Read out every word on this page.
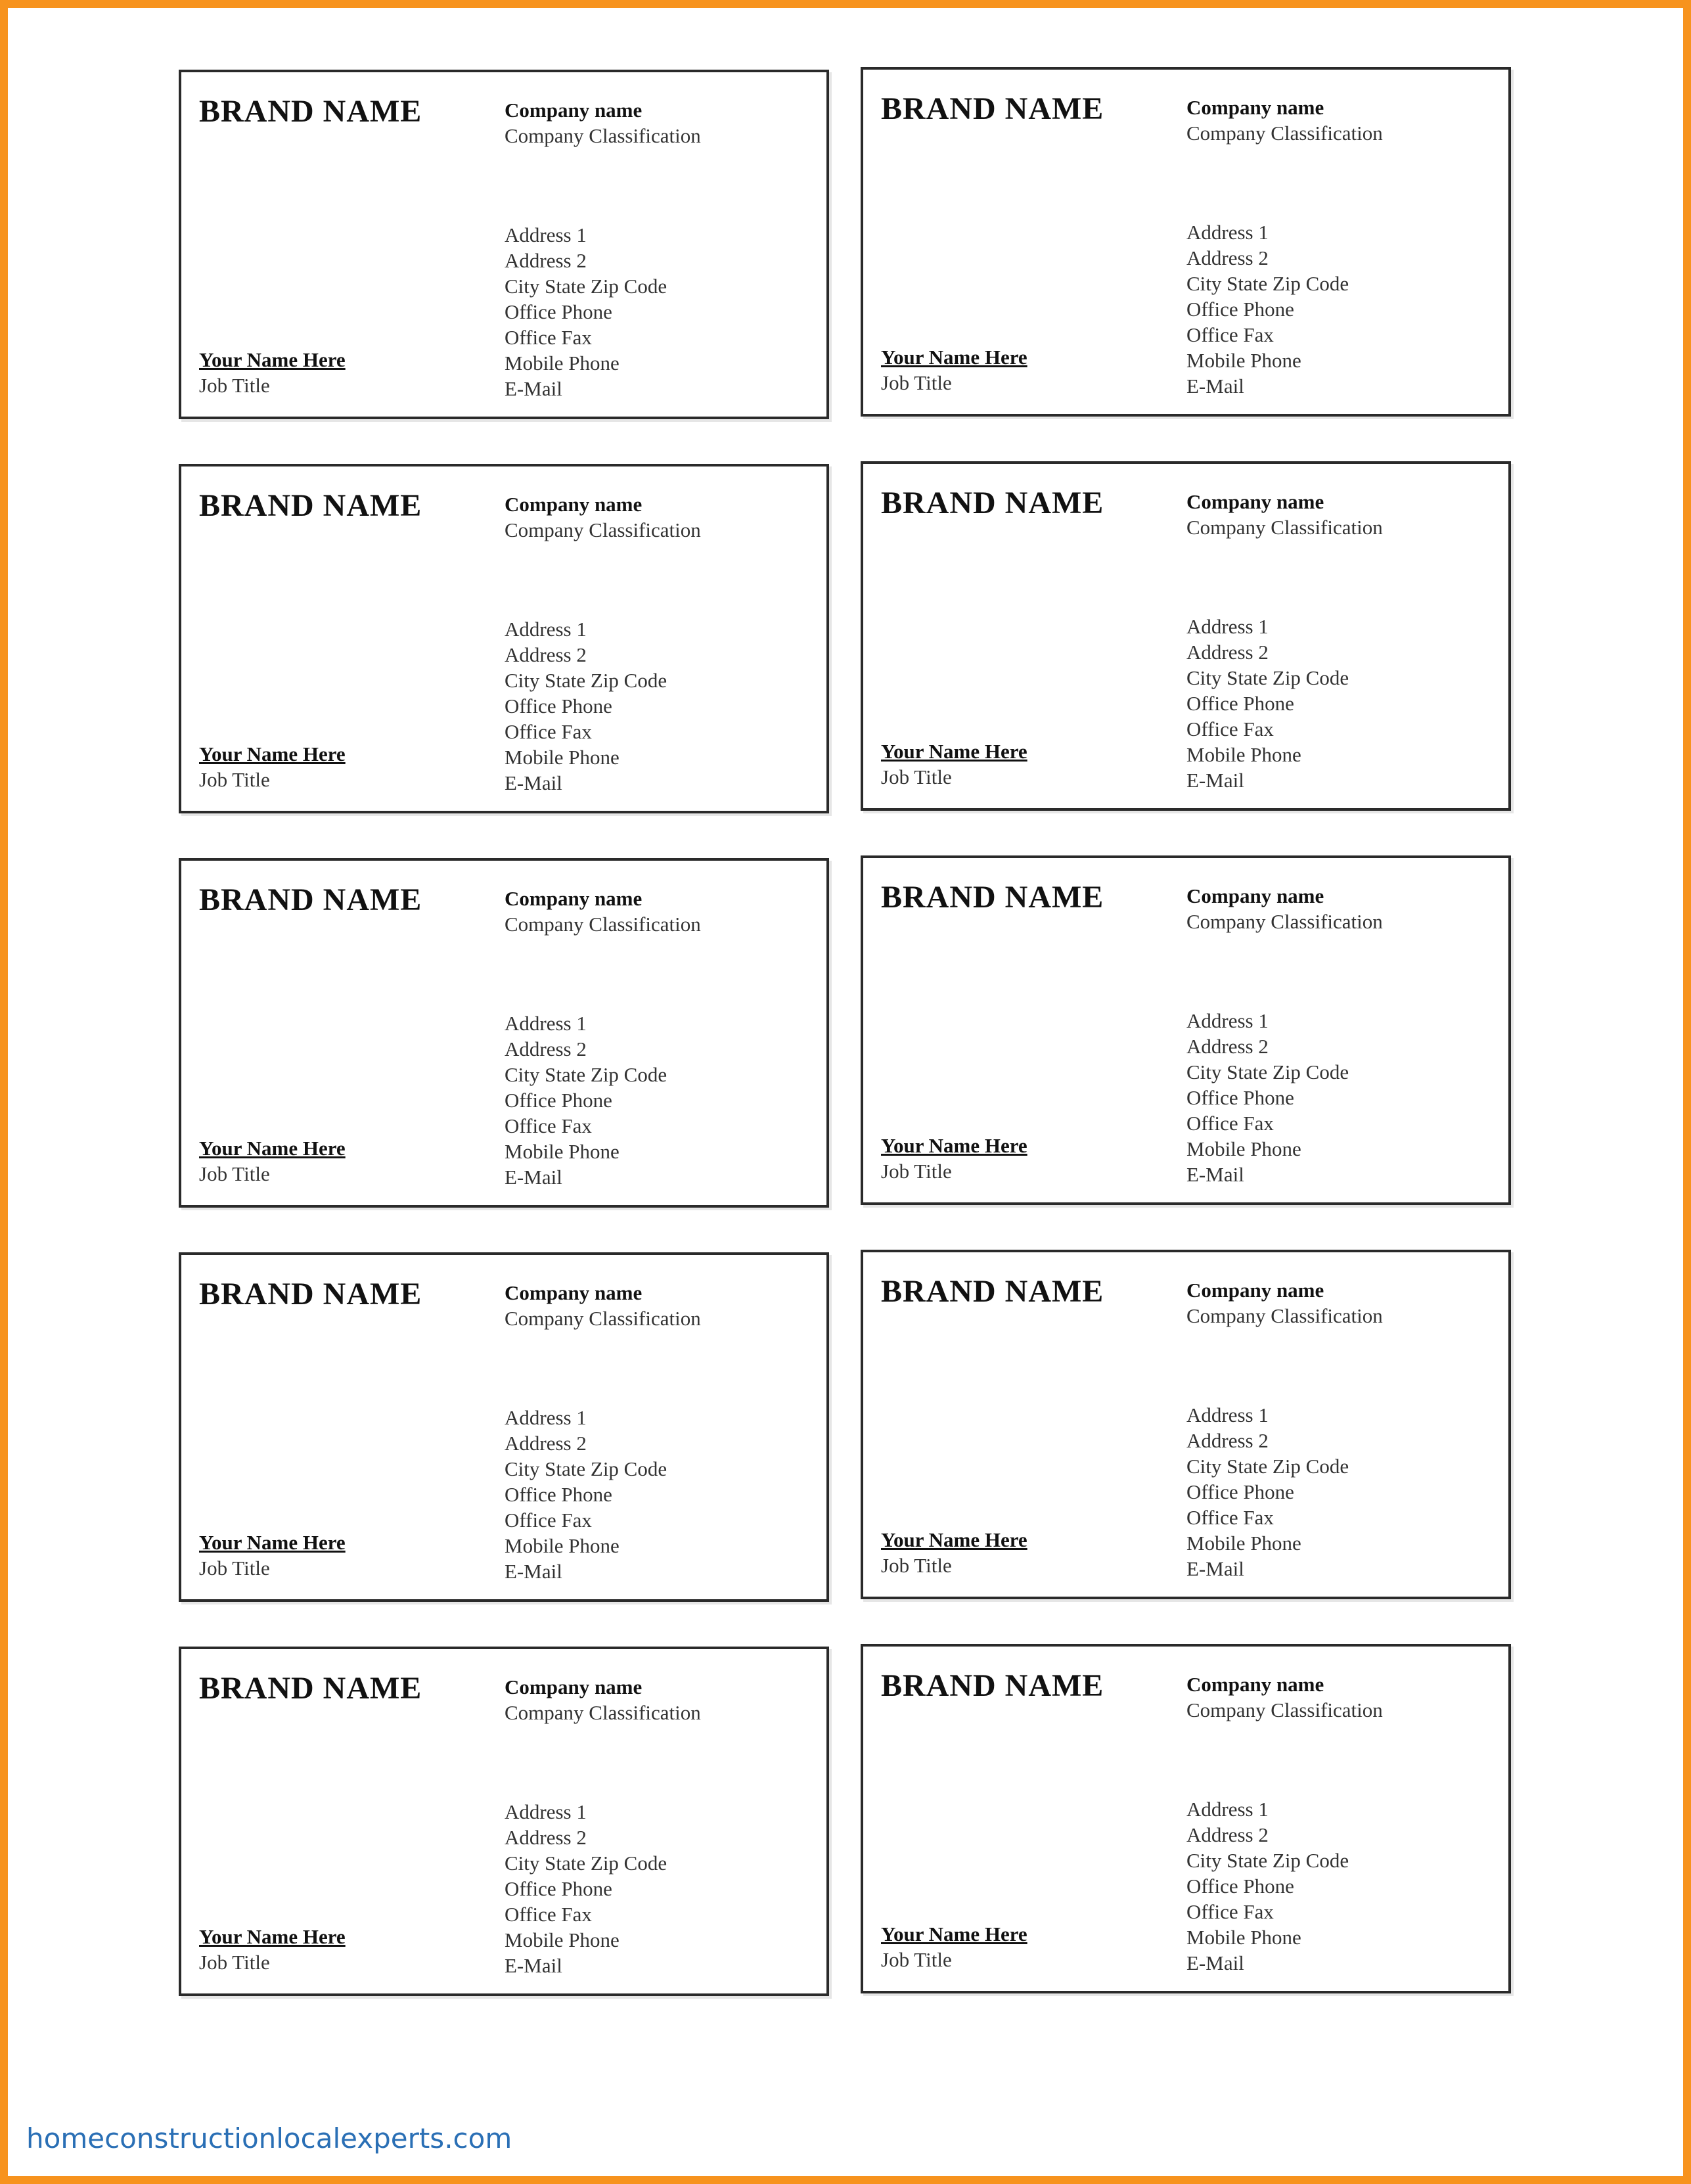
BRAND NAME	Company name
Company Classification
Address 1
Address 2
City State Zip Code
Office Phone
Office Fax
Mobile Phone
E-Mail
Your Name Here
Job Title
BRAND NAME	Company name
Company Classification
Address 1
Address 2
City State Zip Code
Office Phone
Office Fax
Mobile Phone
E-Mail
Your Name Here
Job Title
BRAND NAME	Company name
Company Classification
Address 1
Address 2
City State Zip Code
Office Phone
Office Fax
Mobile Phone
E-Mail
Your Name Here
Job Title
BRAND NAME	Company name
Company Classification
Address 1
Address 2
City State Zip Code
Office Phone
Office Fax
Mobile Phone
E-Mail
Your Name Here
Job Title
BRAND NAME	Company name
Company Classification
Address 1
Address 2
City State Zip Code
Office Phone
Office Fax
Mobile Phone
E-Mail
Your Name Here
Job Title
BRAND NAME	Company name
Company Classification
Address 1
Address 2
City State Zip Code
Office Phone
Office Fax
Mobile Phone
E-Mail
Your Name Here
Job Title
BRAND NAME	Company name
Company Classification
Address 1
Address 2
City State Zip Code
Office Phone
Office Fax
Mobile Phone
E-Mail
Your Name Here
Job Title
BRAND NAME	Company name
Company Classification
Address 1
Address 2
City State Zip Code
Office Phone
Office Fax
Mobile Phone
E-Mail
Your Name Here
Job Title
BRAND NAME	Company name
Company Classification
Address 1
Address 2
City State Zip Code
Office Phone
Office Fax
Mobile Phone
E-Mail
Your Name Here
Job Title
BRAND NAME	Company name
Company Classification
Address 1
Address 2
City State Zip Code
Office Phone
Office Fax
Mobile Phone
E-Mail
Your Name Here
Job Title
homeconstructionlocalexperts.com
